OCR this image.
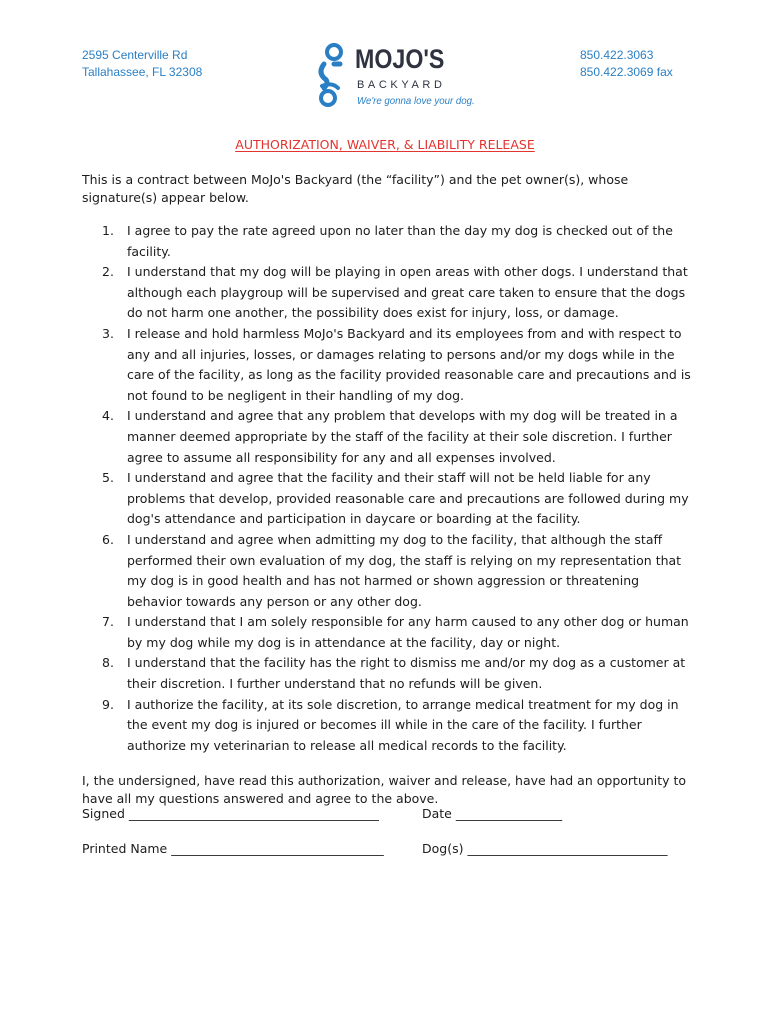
2595 Centerville Rd
Tallahassee, FL 32308	MOJO'S
BACKYARD
We're gonna love your dog.
850.422.3063
850.422.3069 fax
AUTHORIZATION, WAIVER, & LIABILITY RELEASE

This is a contract between MoJo's Backyard (the “facility”) and the pet owner(s), whose signature(s) appear below.

1. I agree to pay the rate agreed upon no later than the day my dog is checked out of the facility.
2. I understand that my dog will be playing in open areas with other dogs. I understand that although each playgroup will be supervised and great care taken to ensure that the dogs do not harm one another, the possibility does exist for injury, loss, or damage.
3. I release and hold harmless MoJo's Backyard and its employees from and with respect to any and all injuries, losses, or damages relating to persons and/or my dogs while in the care of the facility, as long as the facility provided reasonable care and precautions and is not found to be negligent in their handling of my dog.
4. I understand and agree that any problem that develops with my dog will be treated in a manner deemed appropriate by the staff of the facility at their sole discretion. I further agree to assume all responsibility for any and all expenses involved.
5. I understand and agree that the facility and their staff will not be held liable for any problems that develop, provided reasonable care and precautions are followed during my dog's attendance and participation in daycare or boarding at the facility.
6. I understand and agree when admitting my dog to the facility, that although the staff performed their own evaluation of my dog, the staff is relying on my representation that my dog is in good health and has not harmed or shown aggression or threatening behavior towards any person or any other dog.
7. I understand that I am solely responsible for any harm caused to any other dog or human by my dog while my dog is in attendance at the facility, day or night.
8. I understand that the facility has the right to dismiss me and/or my dog as a customer at their discretion. I further understand that no refunds will be given.
9. I authorize the facility, at its sole discretion, to arrange medical treatment for my dog in the event my dog is injured or becomes ill while in the care of the facility. I further authorize my veterinarian to release all medical records to the facility.

I, the undersigned, have read this authorization, waiver and release, have had an opportunity to have all my questions answered and agree to the above.

Signed ________________________________________	Date _________________
Printed Name __________________________________	Dog(s) ________________________________
